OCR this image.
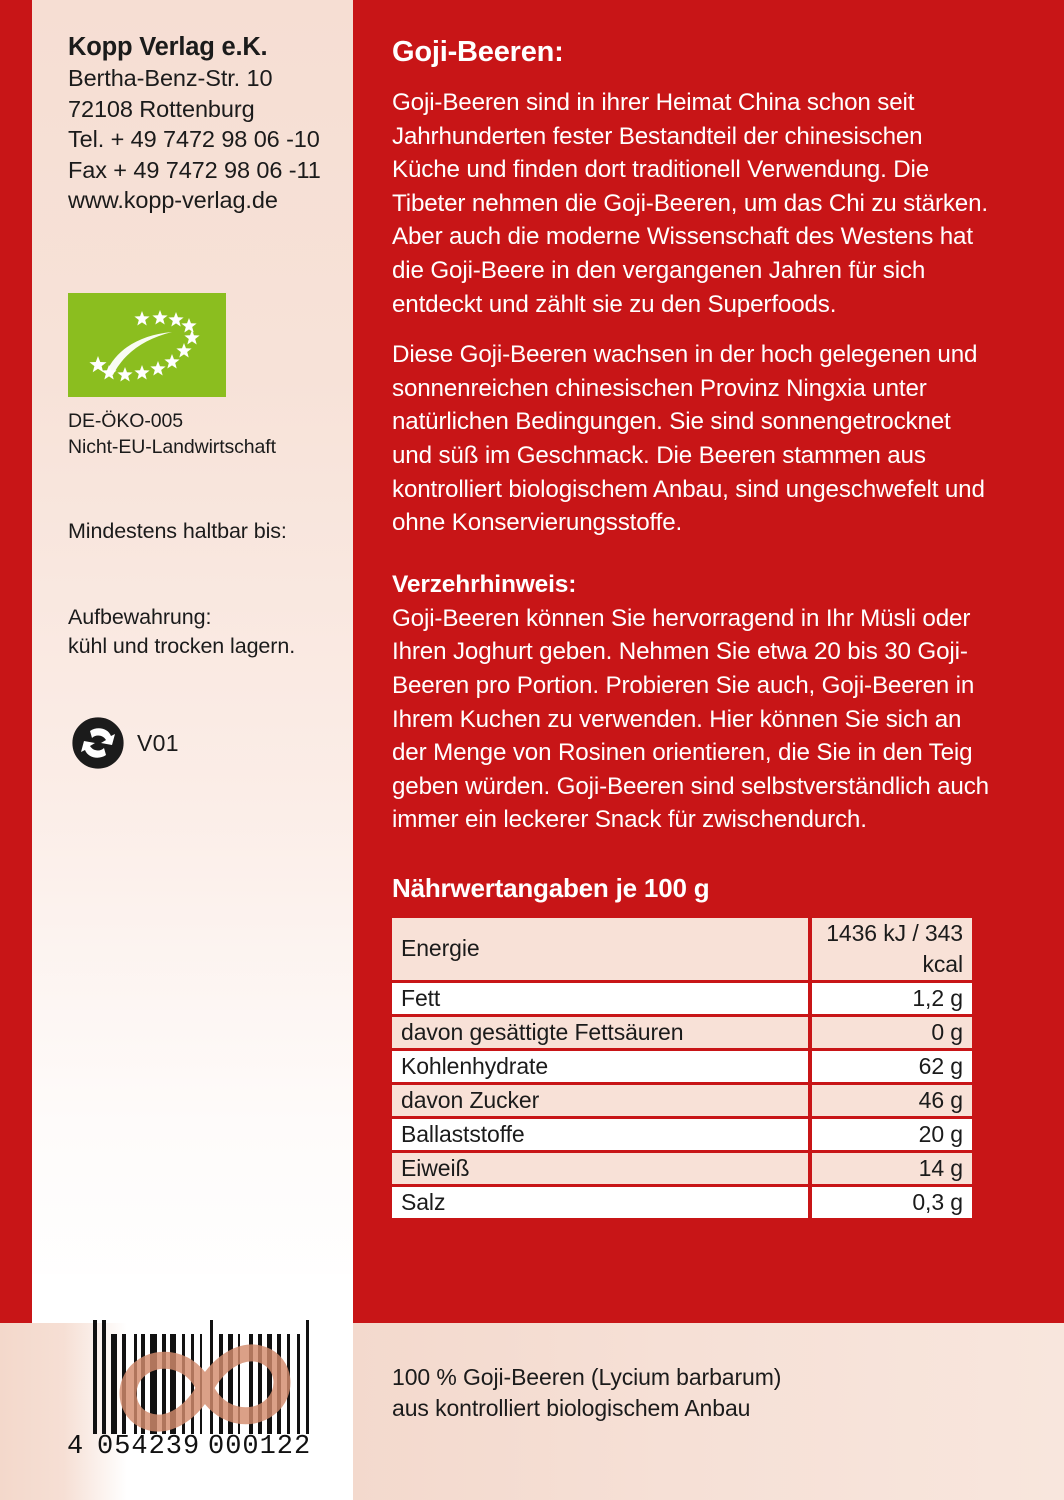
Kopp Verlag e.K.
Bertha-Benz-Str. 10
72108 Rottenburg
Tel. + 49 7472 98 06 -10
Fax + 49 7472 98 06 -11
www.kopp-verlag.de
DE-ÖKO-005
Nicht-EU-Landwirtschaft
Mindestens haltbar bis:
Aufbewahrung:
kühl und trocken lagern.
V01
4 054239 000122
Goji-Beeren:

Goji-Beeren sind in ihrer Heimat China schon seit Jahrhunderten fester Bestandteil der chinesischen Küche und finden dort traditionell Verwendung. Die Tibeter nehmen die Goji-Beeren, um das Chi zu stärken. Aber auch die moderne Wissenschaft des Westens hat die Goji-Beere in den vergangenen Jahren für sich entdeckt und zählt sie zu den Superfoods.

Diese Goji-Beeren wachsen in der hoch gelegenen und sonnenreichen chinesischen Provinz Ningxia unter natürlichen Bedingungen. Sie sind sonnengetrocknet und süß im Geschmack. Die Beeren stammen aus kontrolliert biologischem Anbau, sind ungeschwefelt und ohne Konservierungsstoffe.

Verzehrhinweis:

Goji-Beeren können Sie hervorragend in Ihr Müsli oder Ihren Joghurt geben. Nehmen Sie etwa 20 bis 30 Goji-Beeren pro Portion. Probieren Sie auch, Goji-Beeren in Ihrem Kuchen zu verwenden. Hier können Sie sich an der Menge von Rosinen orientieren, die Sie in den Teig geben würden. Goji-Beeren sind selbstverständlich auch immer ein leckerer Snack für zwischendurch.

Nährwertangaben je 100 g
Energie	1436 kJ / 343 kcal
Fett	1,2 g
davon gesättigte Fettsäuren	0 g
Kohlenhydrate	62 g
davon Zucker	46 g
Ballaststoffe	20 g
Eiweiß	14 g
Salz	0,3 g
100 % Goji-Beeren (Lycium barbarum)
aus kontrolliert biologischem Anbau
